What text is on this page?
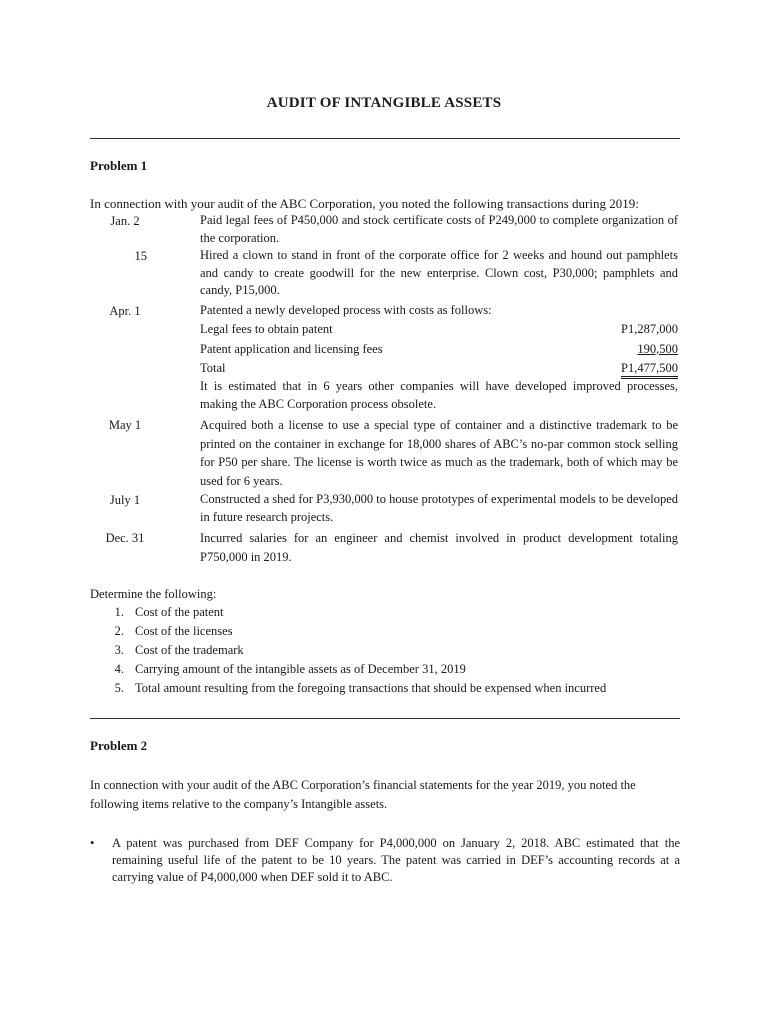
AUDIT OF INTANGIBLE ASSETS
Problem 1
In connection with your audit of the ABC Corporation, you noted the following transactions during 2019:
Jan. 2	Paid legal fees of P450,000 and stock certificate costs of P249,000 to complete organization of the corporation.
15	Hired a clown to stand in front of the corporate office for 2 weeks and hound out pamphlets and candy to create goodwill for the new enterprise. Clown cost, P30,000; pamphlets and candy, P15,000.
Apr. 1	Patented a newly developed process with costs as follows:
Legal fees to obtain patent	P1,287,000
Patent application and licensing fees	190,500
Total	P1,477,500
It is estimated that in 6 years other companies will have developed improved processes, making the ABC Corporation process obsolete.
May 1	Acquired both a license to use a special type of container and a distinctive trademark to be printed on the container in exchange for 18,000 shares of ABC’s no-par common stock selling for P50 per share. The license is worth twice as much as the trademark, both of which may be used for 6 years.
July 1	Constructed a shed for P3,930,000 to house prototypes of experimental models to be developed in future research projects.
Dec. 31	Incurred salaries for an engineer and chemist involved in product development totaling P750,000 in 2019.
Determine the following:
1. Cost of the patent
2. Cost of the licenses
3. Cost of the trademark
4. Carrying amount of the intangible assets as of December 31, 2019
5. Total amount resulting from the foregoing transactions that should be expensed when incurred
Problem 2
In connection with your audit of the ABC Corporation’s financial statements for the year 2019, you noted the following items relative to the company’s Intangible assets.
• A patent was purchased from DEF Company for P4,000,000 on January 2, 2018. ABC estimated that the remaining useful life of the patent to be 10 years. The patent was carried in DEF’s accounting records at a carrying value of P4,000,000 when DEF sold it to ABC.
